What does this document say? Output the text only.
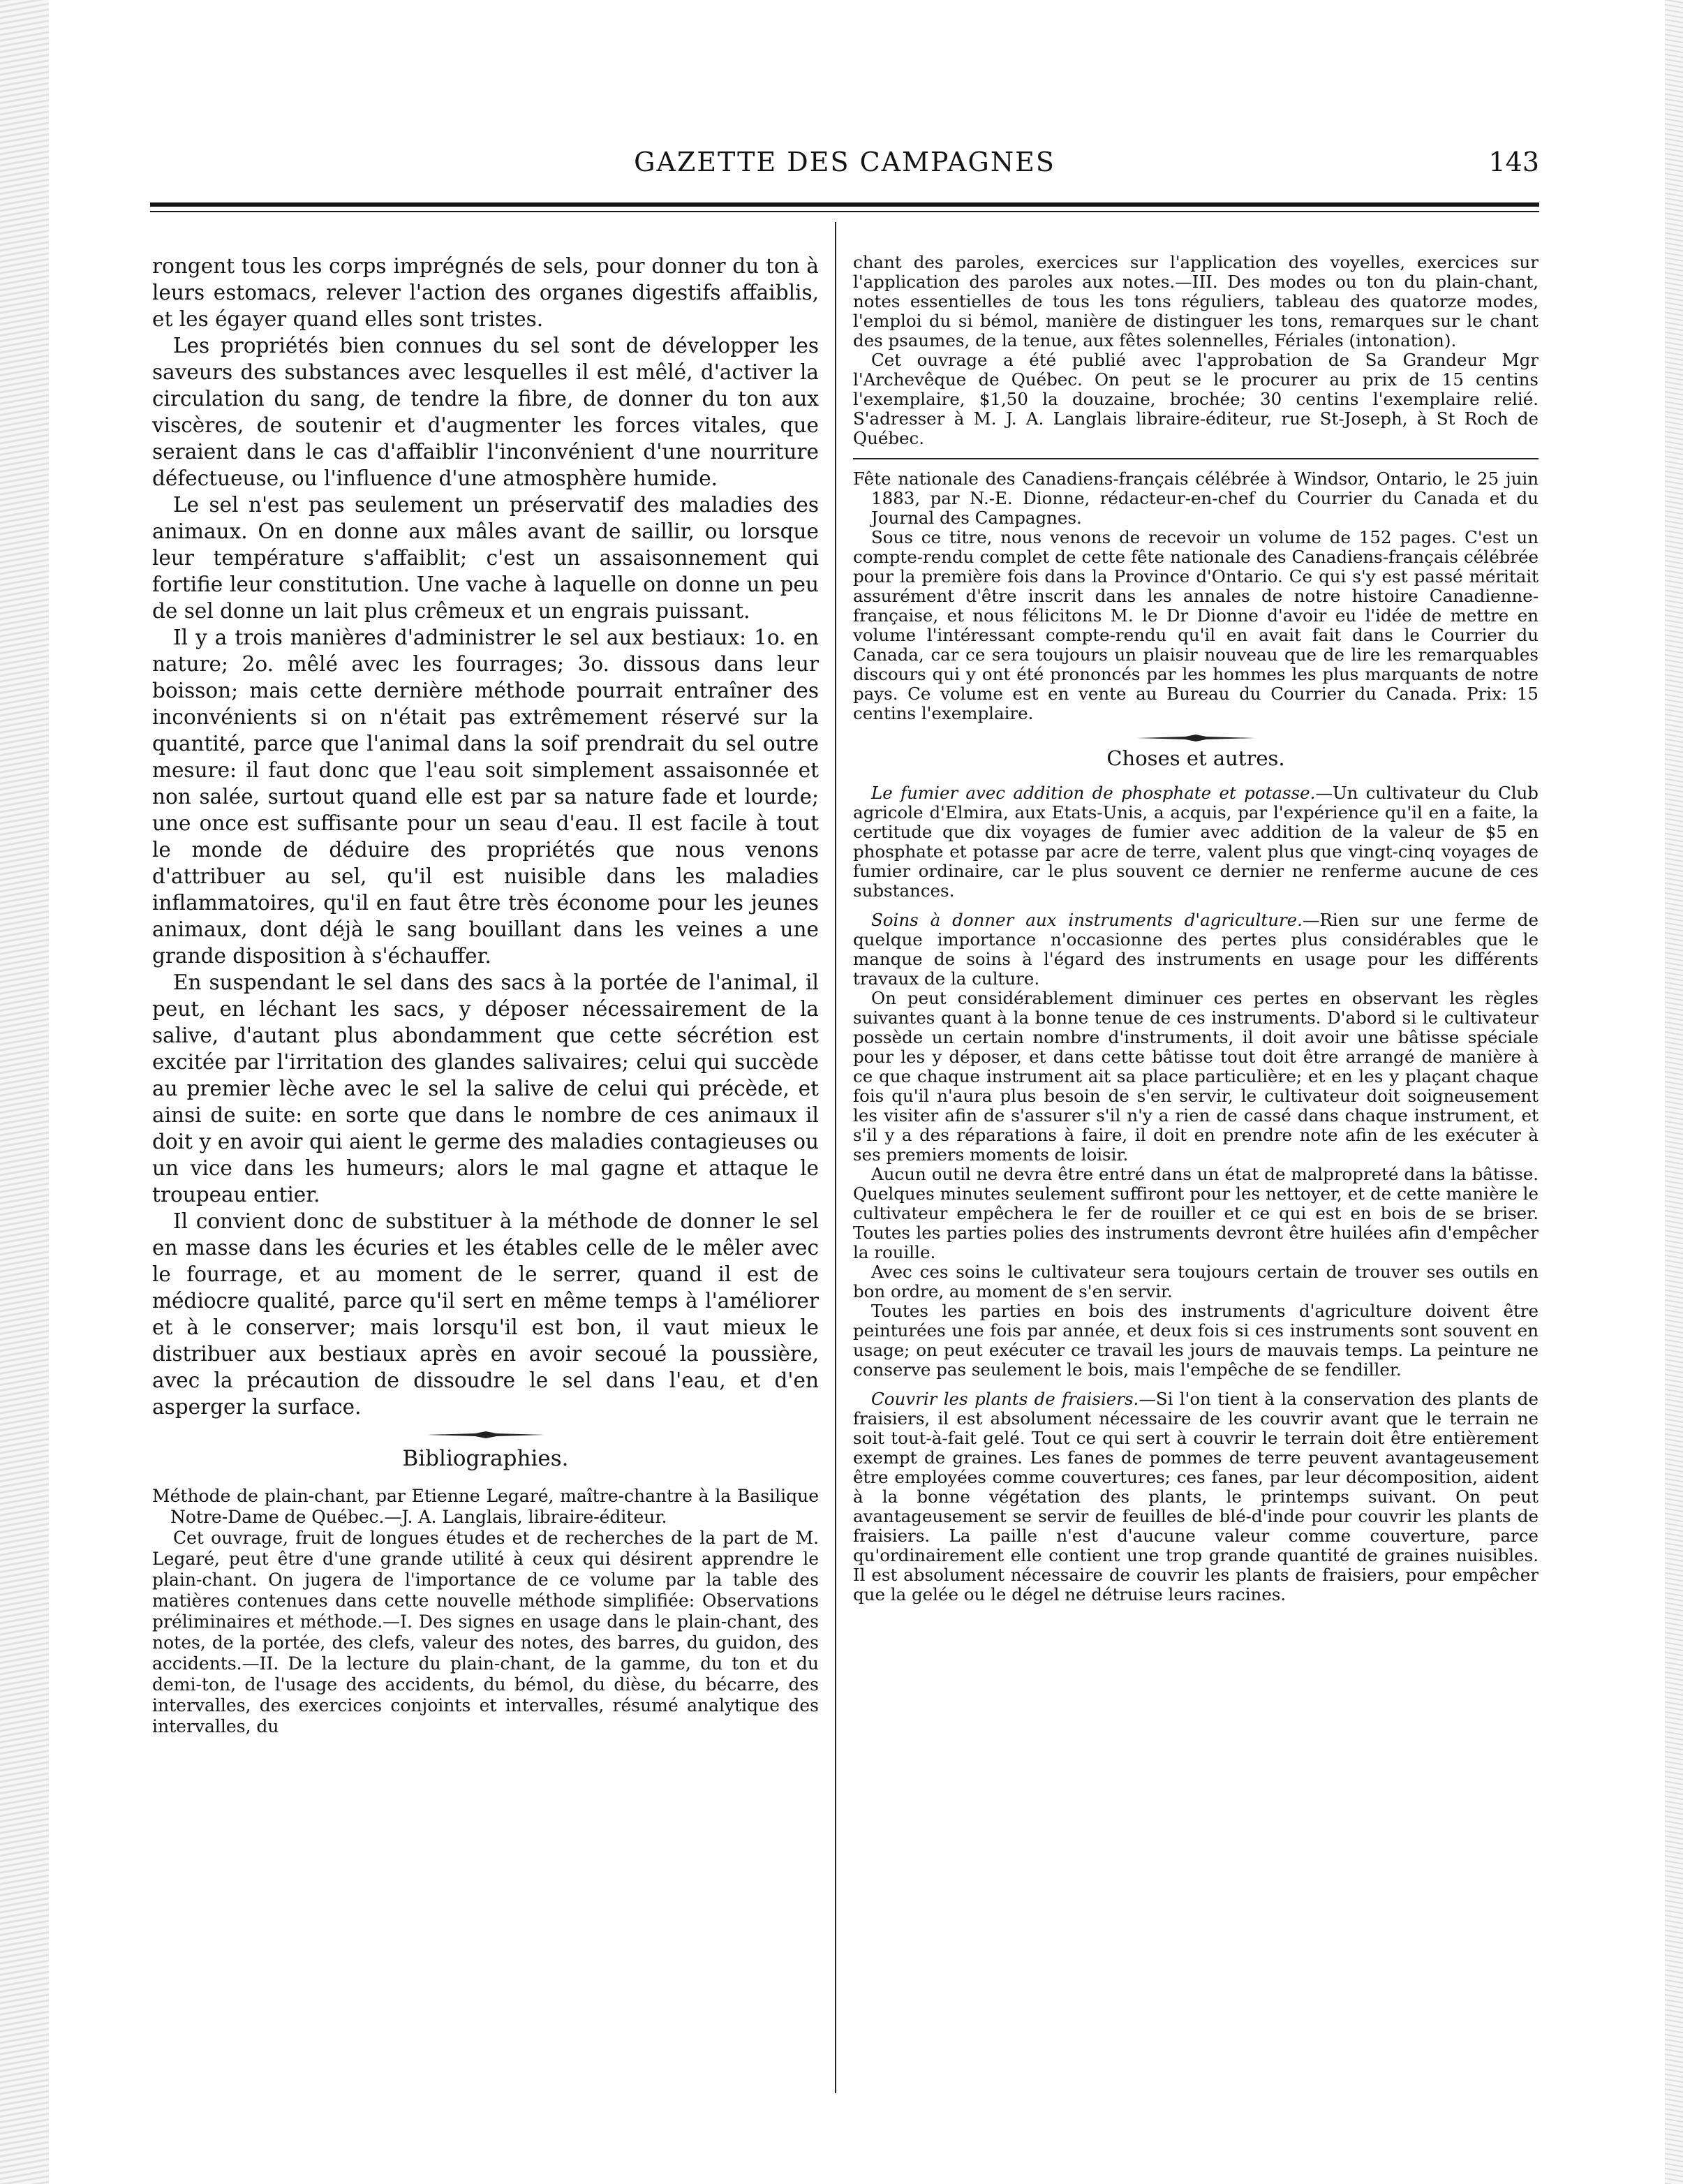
GAZETTE DES CAMPAGNES	143

rongent tous les corps imprégnés de sels, pour donner du ton à leurs estomacs, relever l'action des organes digestifs affaiblis, et les égayer quand elles sont tristes.

Les propriétés bien connues du sel sont de développer les saveurs des substances avec lesquelles il est mêlé, d'activer la circulation du sang, de tendre la fibre, de donner du ton aux viscères, de soutenir et d'augmenter les forces vitales, que seraient dans le cas d'affaiblir l'inconvénient d'une nourriture défectueuse, ou l'influence d'une atmosphère humide.

Le sel n'est pas seulement un préservatif des maladies des animaux. On en donne aux mâles avant de saillir, ou lorsque leur température s'affaiblit; c'est un assaisonnement qui fortifie leur constitution. Une vache à laquelle on donne un peu de sel donne un lait plus crêmeux et un engrais puissant.

Il y a trois manières d'administrer le sel aux bestiaux: 1o. en nature; 2o. mêlé avec les fourrages; 3o. dissous dans leur boisson; mais cette dernière méthode pourrait entraîner des inconvénients si on n'était pas extrêmement réservé sur la quantité, parce que l'animal dans la soif prendrait du sel outre mesure: il faut donc que l'eau soit simplement assaisonnée et non salée, surtout quand elle est par sa nature fade et lourde; une once est suffisante pour un seau d'eau. Il est facile à tout le monde de déduire des propriétés que nous venons d'attribuer au sel, qu'il est nuisible dans les maladies inflammatoires, qu'il en faut être très économe pour les jeunes animaux, dont déjà le sang bouillant dans les veines a une grande disposition à s'échauffer.

En suspendant le sel dans des sacs à la portée de l'animal, il peut, en léchant les sacs, y déposer nécessairement de la salive, d'autant plus abondamment que cette sécrétion est excitée par l'irritation des glandes salivaires; celui qui succède au premier lèche avec le sel la salive de celui qui précède, et ainsi de suite: en sorte que dans le nombre de ces animaux il doit y en avoir qui aient le germe des maladies contagieuses ou un vice dans les humeurs; alors le mal gagne et attaque le troupeau entier.

Il convient donc de substituer à la méthode de donner le sel en masse dans les écuries et les étables celle de le mêler avec le fourrage, et au moment de le serrer, quand il est de médiocre qualité, parce qu'il sert en même temps à l'améliorer et à le conserver; mais lorsqu'il est bon, il vaut mieux le distribuer aux bestiaux après en avoir secoué la poussière, avec la précaution de dissoudre le sel dans l'eau, et d'en asperger la surface.

Bibliographies.

Méthode de plain-chant, par Etienne Legaré, maître-chantre à la Basilique Notre-Dame de Québec.—J. A. Langlais, libraire-éditeur.

Cet ouvrage, fruit de longues études et de recherches de la part de M. Legaré, peut être d'une grande utilité à ceux qui désirent apprendre le plain-chant. On jugera de l'importance de ce volume par la table des matières contenues dans cette nouvelle méthode simplifiée: Observations préliminaires et méthode.—I. Des signes en usage dans le plain-chant, des notes, de la portée, des clefs, valeur des notes, des barres, du guidon, des accidents.—II. De la lecture du plain-chant, de la gamme, du ton et du demi-ton, de l'usage des accidents, du bémol, du dièse, du bécarre, des intervalles, des exercices conjoints et intervalles, résumé analytique des intervalles, du

chant des paroles, exercices sur l'application des voyelles, exercices sur l'application des paroles aux notes.—III. Des modes ou ton du plain-chant, notes essentielles de tous les tons réguliers, tableau des quatorze modes, l'emploi du si bémol, manière de distinguer les tons, remarques sur le chant des psaumes, de la tenue, aux fêtes solennelles, Fériales (intonation).

Cet ouvrage a été publié avec l'approbation de Sa Grandeur Mgr l'Archevêque de Québec. On peut se le procurer au prix de 15 centins l'exemplaire, $1,50 la douzaine, brochée; 30 centins l'exemplaire relié. S'adresser à M. J. A. Langlais libraire-éditeur, rue St-Joseph, à St Roch de Québec.

Fête nationale des Canadiens-français célébrée à Windsor, Ontario, le 25 juin 1883, par N.-E. Dionne, rédacteur-en-chef du Courrier du Canada et du Journal des Campagnes.

Sous ce titre, nous venons de recevoir un volume de 152 pages. C'est un compte-rendu complet de cette fête nationale des Canadiens-français célébrée pour la première fois dans la Province d'Ontario. Ce qui s'y est passé méritait assurément d'être inscrit dans les annales de notre histoire Canadienne-française, et nous félicitons M. le Dr Dionne d'avoir eu l'idée de mettre en volume l'intéressant compte-rendu qu'il en avait fait dans le Courrier du Canada, car ce sera toujours un plaisir nouveau que de lire les remarquables discours qui y ont été prononcés par les hommes les plus marquants de notre pays. Ce volume est en vente au Bureau du Courrier du Canada. Prix: 15 centins l'exemplaire.

Choses et autres.

Le fumier avec addition de phosphate et potasse.—Un cultivateur du Club agricole d'Elmira, aux Etats-Unis, a acquis, par l'expérience qu'il en a faite, la certitude que dix voyages de fumier avec addition de la valeur de $5 en phosphate et potasse par acre de terre, valent plus que vingt-cinq voyages de fumier ordinaire, car le plus souvent ce dernier ne renferme aucune de ces substances.

Soins à donner aux instruments d'agriculture.—Rien sur une ferme de quelque importance n'occasionne des pertes plus considérables que le manque de soins à l'égard des instruments en usage pour les différents travaux de la culture.

On peut considérablement diminuer ces pertes en observant les règles suivantes quant à la bonne tenue de ces instruments. D'abord si le cultivateur possède un certain nombre d'instruments, il doit avoir une bâtisse spéciale pour les y déposer, et dans cette bâtisse tout doit être arrangé de manière à ce que chaque instrument ait sa place particulière; et en les y plaçant chaque fois qu'il n'aura plus besoin de s'en servir, le cultivateur doit soigneusement les visiter afin de s'assurer s'il n'y a rien de cassé dans chaque instrument, et s'il y a des réparations à faire, il doit en prendre note afin de les exécuter à ses premiers moments de loisir.

Aucun outil ne devra être entré dans un état de malpropreté dans la bâtisse. Quelques minutes seulement suffiront pour les nettoyer, et de cette manière le cultivateur empêchera le fer de rouiller et ce qui est en bois de se briser. Toutes les parties polies des instruments devront être huilées afin d'empêcher la rouille.

Avec ces soins le cultivateur sera toujours certain de trouver ses outils en bon ordre, au moment de s'en servir.

Toutes les parties en bois des instruments d'agriculture doivent être peinturées une fois par année, et deux fois si ces instruments sont souvent en usage; on peut exécuter ce travail les jours de mauvais temps. La peinture ne conserve pas seulement le bois, mais l'empêche de se fendiller.

Couvrir les plants de fraisiers.—Si l'on tient à la conservation des plants de fraisiers, il est absolument nécessaire de les couvrir avant que le terrain ne soit tout-à-fait gelé. Tout ce qui sert à couvrir le terrain doit être entièrement exempt de graines. Les fanes de pommes de terre peuvent avantageusement être employées comme couvertures; ces fanes, par leur décomposition, aident à la bonne végétation des plants, le printemps suivant. On peut avantageusement se servir de feuilles de blé-d'inde pour couvrir les plants de fraisiers. La paille n'est d'aucune valeur comme couverture, parce qu'ordinairement elle contient une trop grande quantité de graines nuisibles. Il est absolument nécessaire de couvrir les plants de fraisiers, pour empêcher que la gelée ou le dégel ne détruise leurs racines.
